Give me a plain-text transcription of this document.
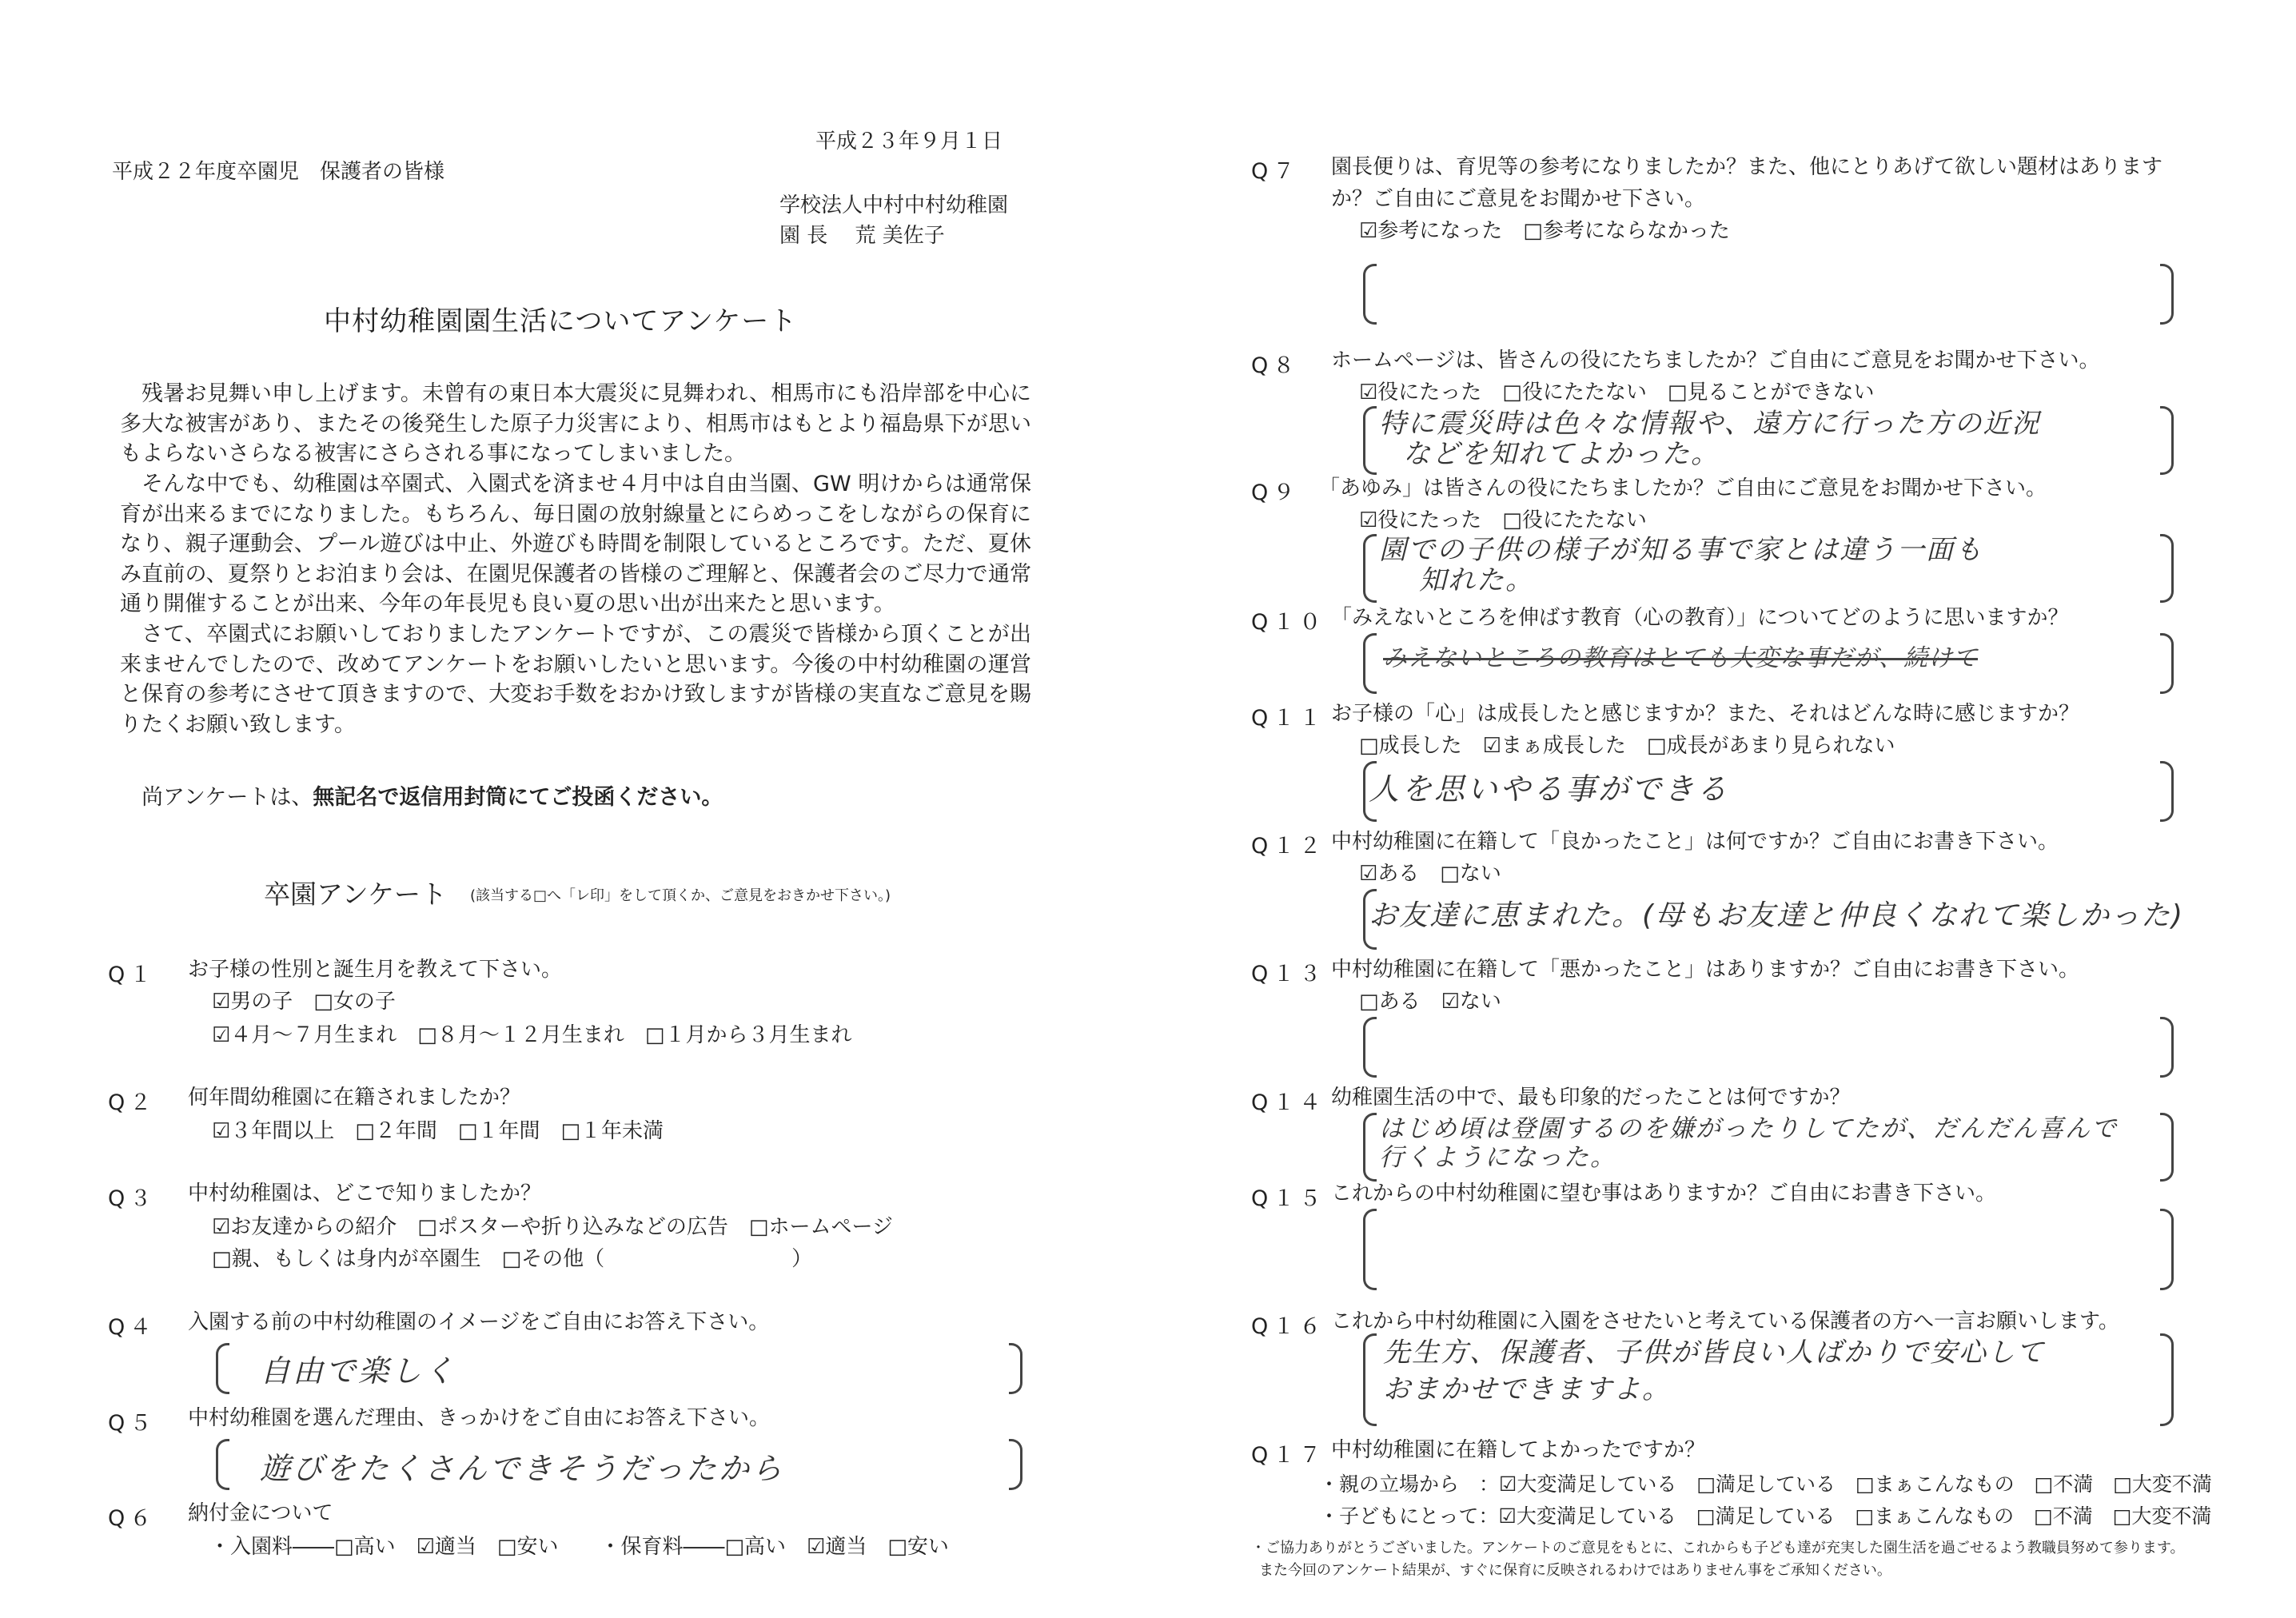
平成２３年９月１日
平成２２年度卒園児　保護者の皆様
学校法人中村中村幼稚園
園 長　 荒 美佐子
中村幼稚園園生活についてアンケート
残暑お見舞い申し上げます。未曾有の東日本大震災に見舞われ、相馬市にも沿岸部を中心に多大な被害があり、またその後発生した原子力災害により、相馬市はもとより福島県下が思いもよらないさらなる被害にさらされる事になってしまいました。
そんな中でも、幼稚園は卒園式、入園式を済ませ４月中は自由当園、GW 明けからは通常保育が出来るまでになりました。もちろん、毎日園の放射線量とにらめっこをしながらの保育になり、親子運動会、プール遊びは中止、外遊びも時間を制限しているところです。ただ、夏休み直前の、夏祭りとお泊まり会は、在園児保護者の皆様のご理解と、保護者会のご尽力で通常通り開催することが出来、今年の年長児も良い夏の思い出が出来たと思います。
さて、卒園式にお願いしておりましたアンケートですが、この震災で皆様から頂くことが出来ませんでしたので、改めてアンケートをお願いしたいと思います。今後の中村幼稚園の運営と保育の参考にさせて頂きますので、大変お手数をおかけ致しますが皆様の実直なご意見を賜りたくお願い致します。
尚アンケートは、無記名で返信用封筒にてご投函ください。
卒園アンケート (該当する□へ「レ印」をして頂くか、ご意見をおきかせ下さい。)
Q１ お子様の性別と誕生月を教えて下さい。
☑男の子　□女の子
☑４月～７月生まれ　□８月～１２月生まれ　□１月から３月生まれ
Q２ 何年間幼稚園に在籍されましたか？
☑３年間以上　□２年間　□１年間　□１年未満
Q３ 中村幼稚園は、どこで知りましたか？
☑お友達からの紹介　□ポスターや折り込みなどの広告　□ホームページ
□親、もしくは身内が卒園生　□その他（　　　　　　　　　）
Q４ 入園する前の中村幼稚園のイメージをご自由にお答え下さい。
自由で楽しく
Q５ 中村幼稚園を選んだ理由、きっかけをご自由にお答え下さい。
遊びをたくさんできそうだったから
Q６ 納付金について
・入園料――□高い　☑適当　□安い　　・保育料――□高い　☑適当　□安い
Q７ 園長便りは、育児等の参考になりましたか？また、他にとりあげて欲しい題材はあります
か？ご自由にご意見をお聞かせ下さい。
☑参考になった　□参考にならなかった
Q８ ホームページは、皆さんの役にたちましたか？ご自由にご意見をお聞かせ下さい。
☑役にたった　□役にたたない　□見ることができない
特に震災時は色々な情報や、遠方に行った方の近況
などを知れてよかった。
Q９ 「あゆみ」は皆さんの役にたちましたか？ご自由にご意見をお聞かせ下さい。
☑役にたった　□役にたたない
園での子供の様子が知る事で家とは違う一面も
知れた。
Q１０ 「みえないところを伸ばす教育（心の教育）」についてどのように思いますか？
みえないところの教育はとても大変な事だが、続けて
Q１１ お子様の「心」は成長したと感じますか？また、それはどんな時に感じますか？
□成長した　☑まぁ成長した　□成長があまり見られない
人を思いやる事ができる
Q１２ 中村幼稚園に在籍して「良かったこと」は何ですか？ご自由にお書き下さい。
☑ある　□ない
お友達に恵まれた。(母もお友達と仲良くなれて楽しかった)
Q１３ 中村幼稚園に在籍して「悪かったこと」はありますか？ご自由にお書き下さい。
□ある　☑ない
Q１４ 幼稚園生活の中で、最も印象的だったことは何ですか？
はじめ頃は登園するのを嫌がったりしてたが、だんだん喜んで
行くようになった。
Q１５ これからの中村幼稚園に望む事はありますか？ご自由にお書き下さい。
Q１６ これから中村幼稚園に入園をさせたいと考えている保護者の方へ一言お願いします。
先生方、保護者、子供が皆良い人ばかりで安心して
おまかせできますよ。
Q１７ 中村幼稚園に在籍してよかったですか？
・親の立場から　：☑大変満足している　□満足している　□まぁこんなもの　□不満　□大変不満
・子どもにとって：☑大変満足している　□満足している　□まぁこんなもの　□不満　□大変不満
・ご協力ありがとうございました。アンケートのご意見をもとに、これからも子ども達が充実した園生活を過ごせるよう教職員努めて参ります。
また今回のアンケート結果が、すぐに保育に反映されるわけではありません事をご承知ください。
